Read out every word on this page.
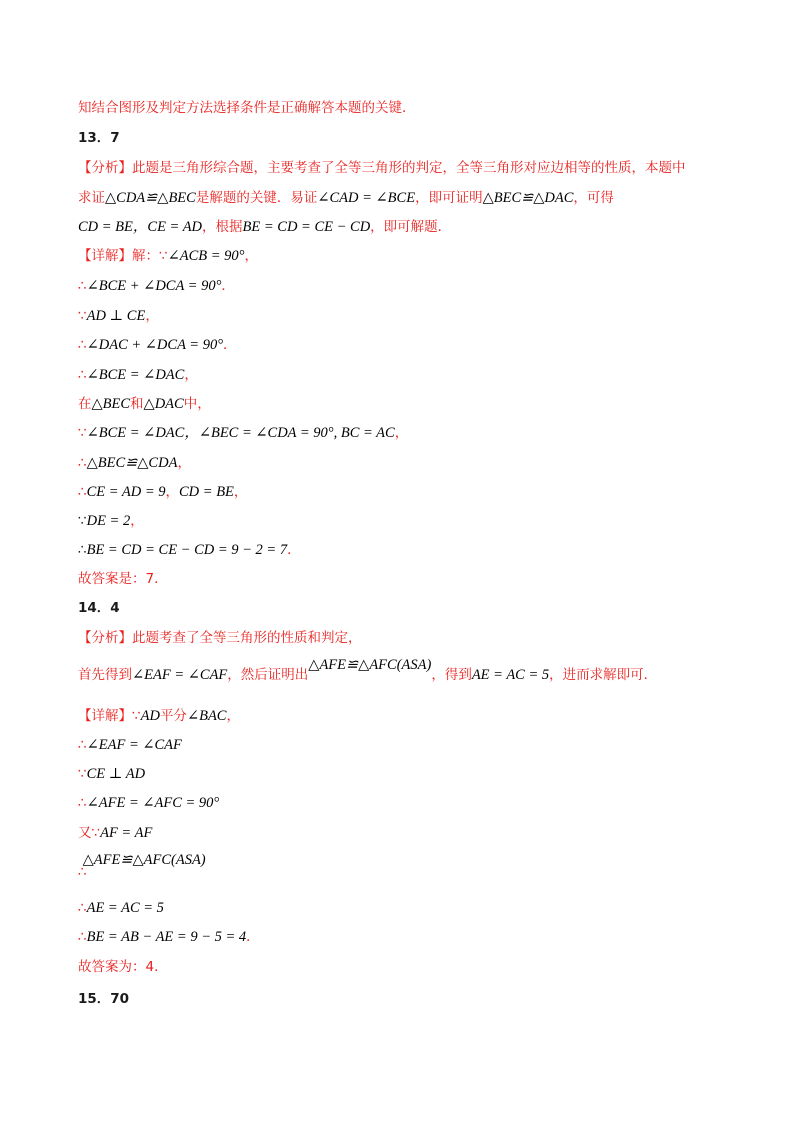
知结合图形及判定方法选择条件是正确解答本题的关键．
13．7
【分析】此题是三角形综合题，主要考查了全等三角形的判定，全等三角形对应边相等的性质，本题中
求证△CDA≌△BEC是解题的关键．易证∠CAD = ∠BCE，即可证明△BEC≌△DAC，可得
CD = BE，CE = AD，根据BE = CD = CE − CD，即可解题．
【详解】解：∵∠ACB = 90°，
∴∠BCE + ∠DCA = 90°．
∵AD ⊥ CE，
∴∠DAC + ∠DCA = 90°．
∴∠BCE = ∠DAC，
在△BEC和△DAC中，
∵∠BCE = ∠DAC，∠BEC = ∠CDA = 90°, BC = AC，
∴△BEC≌△CDA，
∴CE = AD = 9，CD = BE，
∵DE = 2，
∴BE = CD = CE − CD = 9 − 2 = 7．
故答案是：7．
14．4
【分析】此题考查了全等三角形的性质和判定，
首先得到∠EAF = ∠CAF，然后证明出△AFE≌△AFC(ASA)，得到AE = AC = 5，进而求解即可．
【详解】∵AD平分∠BAC，
∴∠EAF = ∠CAF
∵CE ⊥ AD
∴∠AFE = ∠AFC = 90°
又∵AF = AF
∴△AFE≌△AFC(ASA)
∴AE = AC = 5
∴BE = AB − AE = 9 − 5 = 4．
故答案为：4．
15．70
